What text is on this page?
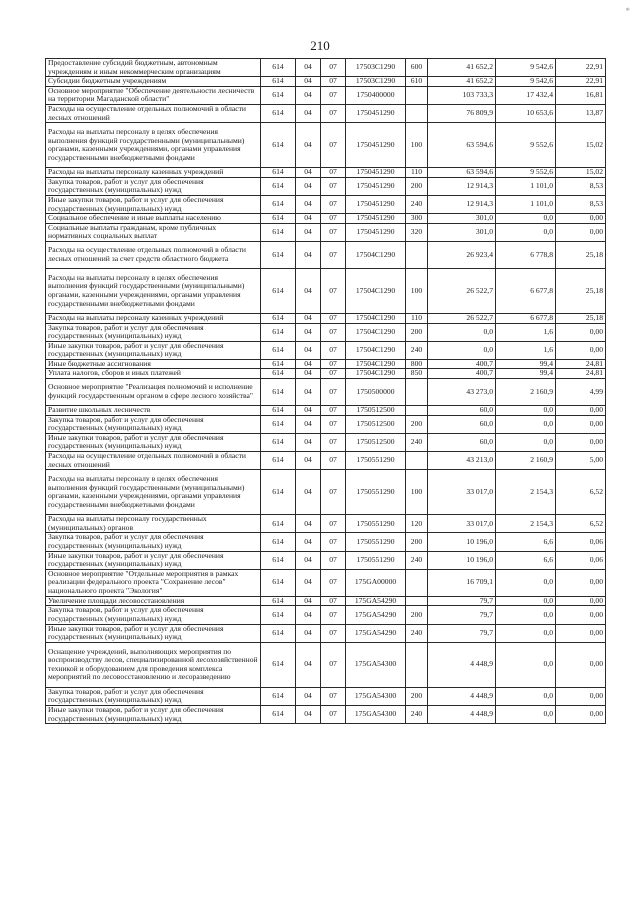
*
210
Предоставление субсидий бюджетным, автономным учреждениям и иным некоммерческим организациям	614	04	07	17503C1290	600	41 652,2	9 542,6	22,91
Субсидии бюджетным учреждениям	614	04	07	17503C1290	610	41 652,2	9 542,6	22,91
Основное мероприятие "Обеспечение деятельности лесничеств на территории Магаданской области"	614	04	07	1750400000		103 733,3	17 432,4	16,81
Расходы на осуществление отдельных полномочий в области лесных отношений	614	04	07	1750451290		76 809,9	10 653,6	13,87
Расходы на выплаты персоналу в целях обеспечения выполнения функций государственными (муниципальными) органами, казенными учреждениями, органами управления государственными внебюджетными фондами	614	04	07	1750451290	100	63 594,6	9 552,6	15,02
Расходы на выплаты персоналу казенных учреждений	614	04	07	1750451290	110	63 594,6	9 552,6	15,02
Закупка товаров, работ и услуг для обеспечения государственных (муниципальных) нужд	614	04	07	1750451290	200	12 914,3	1 101,0	8,53
Иные закупки товаров, работ и услуг для обеспечения государственных (муниципальных) нужд	614	04	07	1750451290	240	12 914,3	1 101,0	8,53
Социальное обеспечение и иные выплаты населению	614	04	07	1750451290	300	301,0	0,0	0,00
Социальные выплаты гражданам, кроме публичных нормативных социальных выплат	614	04	07	1750451290	320	301,0	0,0	0,00
Расходы на осуществление отдельных полномочий в области лесных отношений за счет средств областного бюджета	614	04	07	17504С1290		26 923,4	6 778,8	25,18
Расходы на выплаты персоналу в целях обеспечения выполнения функций государственными (муниципальными) органами, казенными учреждениями, органами управления государственными внебюджетными фондами	614	04	07	17504С1290	100	26 522,7	6 677,8	25,18
Расходы на выплаты персоналу казенных учреждений	614	04	07	17504С1290	110	26 522,7	6 677,8	25,18
Закупка товаров, работ и услуг для обеспечения государственных (муниципальных) нужд	614	04	07	17504С1290	200	0,0	1,6	0,00
Иные закупки товаров, работ и услуг для обеспечения государственных (муниципальных) нужд	614	04	07	17504С1290	240	0,0	1,6	0,00
Иные бюджетные ассигнования	614	04	07	17504С1290	800	400,7	99,4	24,81
Уплата налогов, сборов и иных платежей	614	04	07	17504С1290	850	400,7	99,4	24,81
Основное мероприятие "Реализация полномочий и исполнение функций государственным органом в сфере лесного хозяйства"	614	04	07	1750500000		43 273,0	2 160,9	4,99
Развитие школьных лесничеств	614	04	07	1750512500		60,0	0,0	0,00
Закупка товаров, работ и услуг для обеспечения государственных (муниципальных) нужд	614	04	07	1750512500	200	60,0	0,0	0,00
Иные закупки товаров, работ и услуг для обеспечения государственных (муниципальных) нужд	614	04	07	1750512500	240	60,0	0,0	0,00
Расходы на осуществление отдельных полномочий в области лесных отношений	614	04	07	1750551290		43 213,0	2 160,9	5,00
Расходы на выплаты персоналу в целях обеспечения выполнения функций государственными (муниципальными) органами, казенными учреждениями, органами управления государственными внебюджетными фондами	614	04	07	1750551290	100	33 017,0	2 154,3	6,52
Расходы на выплаты персоналу государственных (муниципальных) органов	614	04	07	1750551290	120	33 017,0	2 154,3	6,52
Закупка товаров, работ и услуг для обеспечения государственных (муниципальных) нужд	614	04	07	1750551290	200	10 196,0	6,6	0,06
Иные закупки товаров, работ и услуг для обеспечения государственных (муниципальных) нужд	614	04	07	1750551290	240	10 196,0	6,6	0,06
Основное мероприятие "Отдельные мероприятия в рамках реализации федерального проекта "Сохранение лесов" национального проекта "Экология"	614	04	07	175GA00000		16 709,1	0,0	0,00
Увеличение площади лесовосстановления	614	04	07	175GA54290		79,7	0,0	0,00
Закупка товаров, работ и услуг для обеспечения государственных (муниципальных) нужд	614	04	07	175GA54290	200	79,7	0,0	0,00
Иные закупки товаров, работ и услуг для обеспечения государственных (муниципальных) нужд	614	04	07	175GA54290	240	79,7	0,0	0,00
Оснащение учреждений, выполняющих мероприятия по воспроизводству лесов, специализированной лесохозяйственной техникой и оборудованием для проведения комплекса мероприятий по лесовосстановлению и лесоразведению	614	04	07	175GA54300		4 448,9	0,0	0,00
Закупка товаров, работ и услуг для обеспечения государственных (муниципальных) нужд	614	04	07	175GA54300	200	4 448,9	0,0	0,00
Иные закупки товаров, работ и услуг для обеспечения государственных (муниципальных) нужд	614	04	07	175GA54300	240	4 448,9	0,0	0,00
